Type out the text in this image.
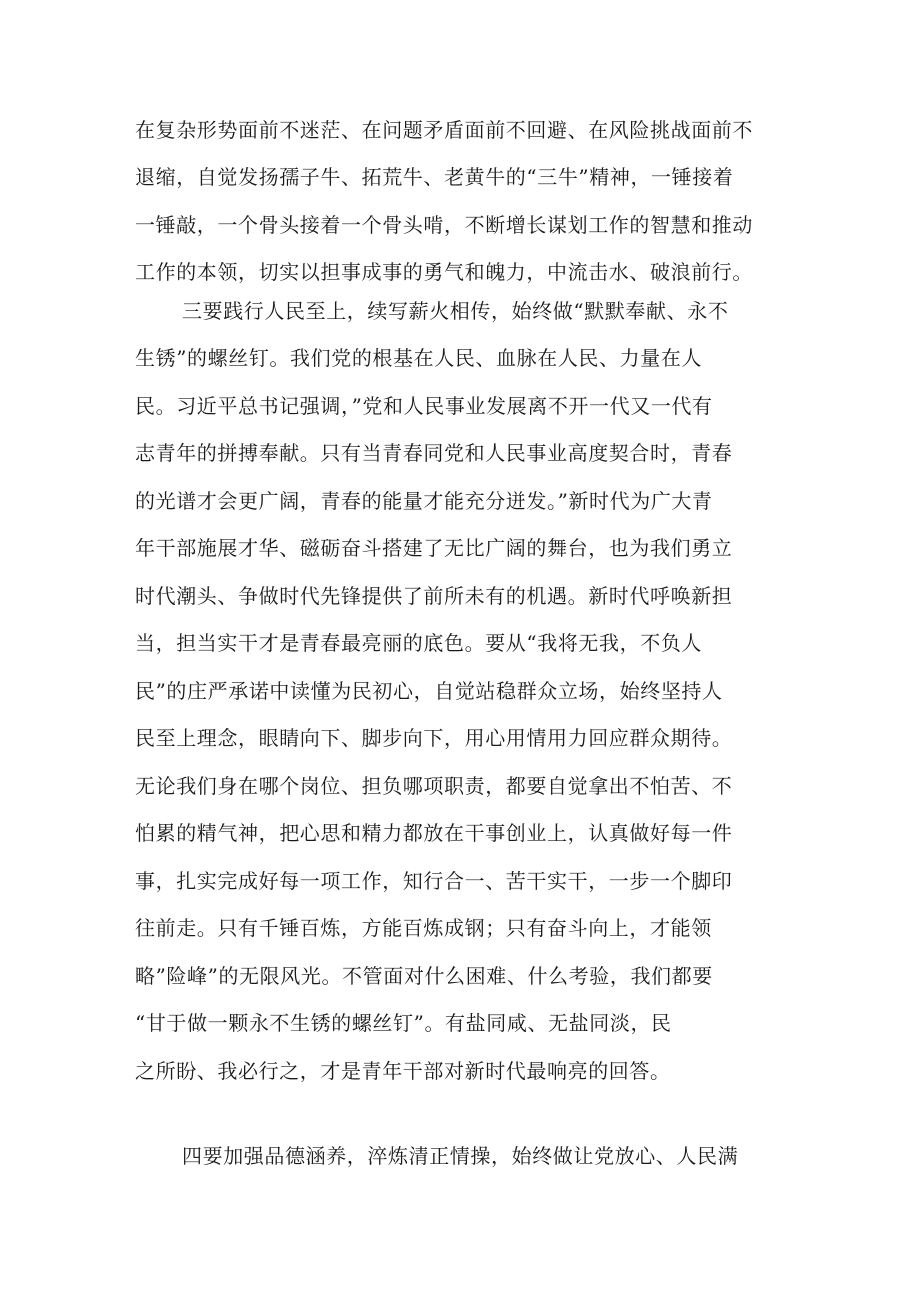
在复杂形势面前不迷茫、在问题矛盾面前不回避、在风险挑战面前不
退缩，自觉发扬孺子牛、拓荒牛、老黄牛的“三牛”精神，一锤接着
一锤敲，一个骨头接着一个骨头啃，不断增长谋划工作的智慧和推动
工作的本领，切实以担事成事的勇气和魄力，中流击水、破浪前行。
三要践行人民至上，续写薪火相传，始终做“默默奉献、永不
生锈”的螺丝钉。我们党的根基在人民、血脉在人民、力量在人
民。习近平总书记强调，”党和人民事业发展离不开一代又一代有
志青年的拼搏奉献。只有当青春同党和人民事业高度契合时，青春
的光谱才会更广阔，青春的能量才能充分迸发。”新时代为广大青
年干部施展才华、磁砺奋斗搭建了无比广阔的舞台，也为我们勇立
时代潮头、争做时代先锋提供了前所未有的机遇。新时代呼唤新担
当，担当实干才是青春最亮丽的底色。要从“我将无我，不负人
民”的庄严承诺中读懂为民初心，自觉站稳群众立场，始终坚持人
民至上理念，眼睛向下、脚步向下，用心用情用力回应群众期待。
无论我们身在哪个岗位、担负哪项职责，都要自觉拿出不怕苦、不
怕累的精气神，把心思和精力都放在干事创业上，认真做好每一件
事，扎实完成好每一项工作，知行合一、苦干实干，一步一个脚印
往前走。只有千锤百炼，方能百炼成钢；只有奋斗向上，才能领
略”险峰”的无限风光。不管面对什么困难、什么考验，我们都要
“甘于做一颗永不生锈的螺丝钉”。有盐同咸、无盐同淡，民
之所盼、我必行之，才是青年干部对新时代最响亮的回答。
四要加强品德涵养，淬炼清正情操，始终做让党放心、人民满
